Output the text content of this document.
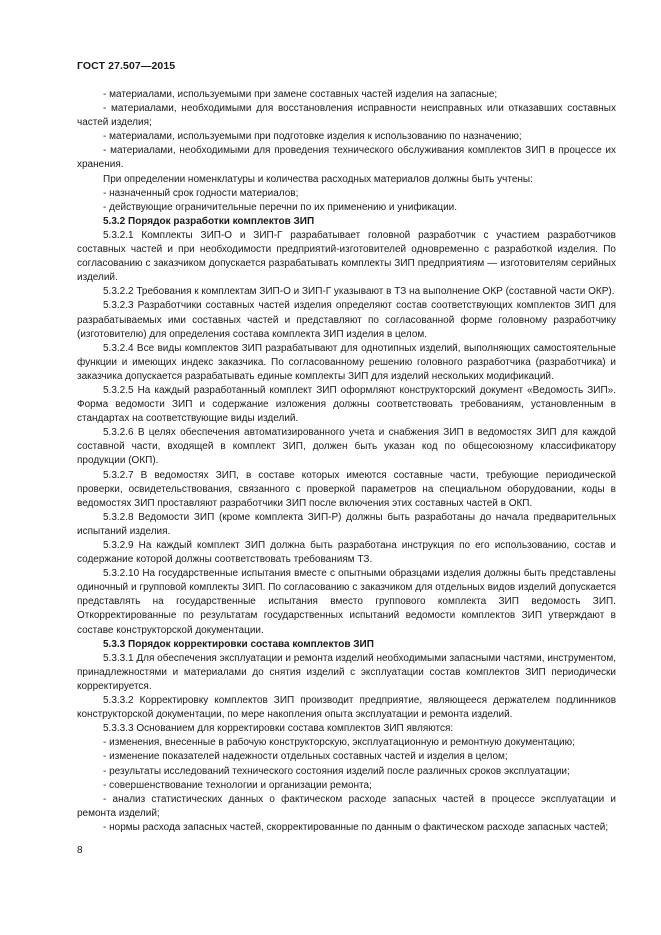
ГОСТ 27.507—2015

- материалами, используемыми при замене составных частей изделия на запасные;

- материалами, необходимыми для восстановления исправности неисправных или отказавших составных частей изделия;

- материалами, используемыми при подготовке изделия к использованию по назначению;

- материалами, необходимыми для проведения технического обслуживания комплектов ЗИП в процессе их хранения.

При определении номенклатуры и количества расходных материалов должны быть учтены:

- назначенный срок годности материалов;

- действующие ограничительные перечни по их применению и унификации.

5.3.2 Порядок разработки комплектов ЗИП

5.3.2.1 Комплекты ЗИП-О и ЗИП-Г разрабатывает головной разработчик с участием разработчиков составных частей и при необходимости предприятий-изготовителей одновременно с разработкой изделия. По согласованию с заказчиком допускается разрабатывать комплекты ЗИП предприятиям — изготовителям серийных изделий.

5.3.2.2 Требования к комплектам ЗИП-О и ЗИП-Г указывают в ТЗ на выполнение ОКР (составной части ОКР).

5.3.2.3 Разработчики составных частей изделия определяют состав соответствующих комплектов ЗИП для разрабатываемых ими составных частей и представляют по согласованной форме головному разработчику (изготовителю) для определения состава комплекта ЗИП изделия в целом.

5.3.2.4 Все виды комплектов ЗИП разрабатывают для однотипных изделий, выполняющих самостоятельные функции и имеющих индекс заказчика. По согласованному решению головного разработчика (разработчика) и заказчика допускается разрабатывать единые комплекты ЗИП для изделий нескольких модификаций.

5.3.2.5 На каждый разработанный комплект ЗИП оформляют конструкторский документ «Ведомость ЗИП». Форма ведомости ЗИП и содержание изложения должны соответствовать требованиям, установленным в стандартах на соответствующие виды изделий.

5.3.2.6 В целях обеспечения автоматизированного учета и снабжения ЗИП в ведомостях ЗИП для каждой составной части, входящей в комплект ЗИП, должен быть указан код по общесоюзному классификатору продукции (ОКП).

5.3.2.7 В ведомостях ЗИП, в составе которых имеются составные части, требующие периодической проверки, освидетельствования, связанного с проверкой параметров на специальном оборудовании, коды в ведомостях ЗИП проставляют разработчики ЗИП после включения этих составных частей в ОКП.

5.3.2.8 Ведомости ЗИП (кроме комплекта ЗИП-Р) должны быть разработаны до начала предварительных испытаний изделия.

5.3.2.9 На каждый комплект ЗИП должна быть разработана инструкция по его использованию, состав и содержание которой должны соответствовать требованиям ТЗ.

5.3.2.10 На государственные испытания вместе с опытными образцами изделия должны быть представлены одиночный и групповой комплекты ЗИП. По согласованию с заказчиком для отдельных видов изделий допускается представлять на государственные испытания вместо группового комплекта ЗИП ведомость ЗИП. Откорректированные по результатам государственных испытаний ведомости комплектов ЗИП утверждают в составе конструкторской документации.

5.3.3 Порядок корректировки состава комплектов ЗИП

5.3.3.1 Для обеспечения эксплуатации и ремонта изделий необходимыми запасными частями, инструментом, принадлежностями и материалами до снятия изделий с эксплуатации состав комплектов ЗИП периодически корректируется.

5.3.3.2 Корректировку комплектов ЗИП производит предприятие, являющееся держателем подлинников конструкторской документации, по мере накопления опыта эксплуатации и ремонта изделий.

5.3.3.3 Основанием для корректировки состава комплектов ЗИП являются:

- изменения, внесенные в рабочую конструкторскую, эксплуатационную и ремонтную документацию;

- изменение показателей надежности отдельных составных частей и изделия в целом;

- результаты исследований технического состояния изделий после различных сроков эксплуатации;

- совершенствование технологии и организации ремонта;

- анализ статистических данных о фактическом расходе запасных частей в процессе эксплуатации и ремонта изделий;

- нормы расхода запасных частей, скорректированные по данным о фактическом расходе запасных частей;

8
